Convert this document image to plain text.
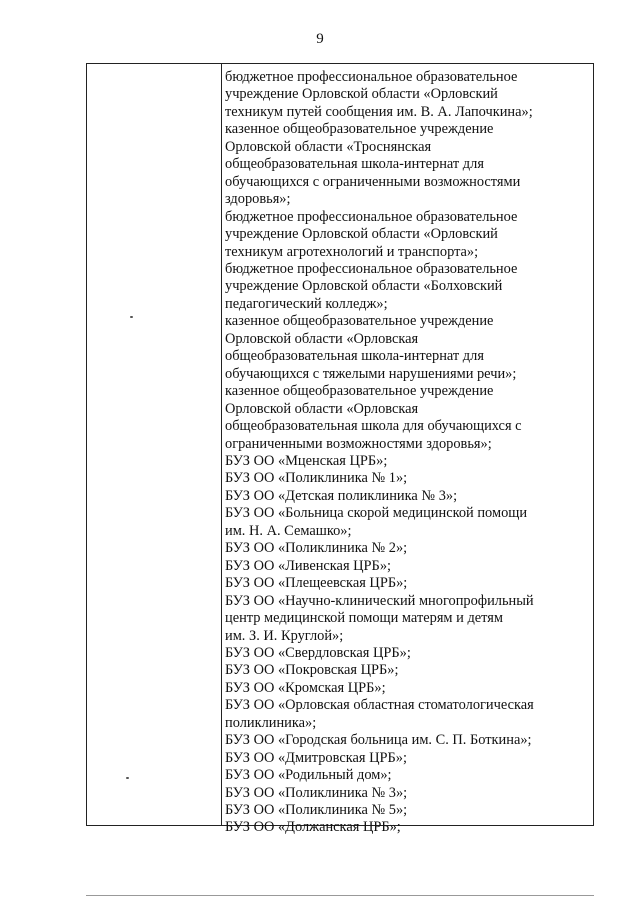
9

бюджетное профессиональное образовательное
учреждение Орловской области «Орловский
техникум путей сообщения им. В. А. Лапочкина»;

казенное общеобразовательное учреждение
Орловской области «Троснянская
общеобразовательная школа-интернат для
обучающихся с ограниченными возможностями
здоровья»;

бюджетное профессиональное образовательное
учреждение Орловской области «Орловский
техникум агротехнологий и транспорта»;

бюджетное профессиональное образовательное
учреждение Орловской области «Болховский
педагогический колледж»;

казенное общеобразовательное учреждение
Орловской области «Орловская
общеобразовательная школа-интернат для
обучающихся с тяжелыми нарушениями речи»;

казенное общеобразовательное учреждение
Орловской области «Орловская
общеобразовательная школа для обучающихся с
ограниченными возможностями здоровья»;

БУЗ ОО «Мценская ЦРБ»;

БУЗ ОО «Поликлиника № 1»;

БУЗ ОО «Детская поликлиника № 3»;

БУЗ ОО «Больница скорой медицинской помощи
им. Н. А. Семашко»;

БУЗ ОО «Поликлиника № 2»;

БУЗ ОО «Ливенская ЦРБ»;

БУЗ ОО «Плещеевская ЦРБ»;

БУЗ ОО «Научно-клинический многопрофильный
центр медицинской помощи матерям и детям
им. З. И. Круглой»;

БУЗ ОО «Свердловская ЦРБ»;

БУЗ ОО «Покровская ЦРБ»;

БУЗ ОО «Кромская ЦРБ»;

БУЗ ОО «Орловская областная стоматологическая
поликлиника»;

БУЗ ОО «Городская больница им. С. П. Боткина»;

БУЗ ОО «Дмитровская ЦРБ»;

БУЗ ОО «Родильный дом»;

БУЗ ОО «Поликлиника № 3»;

БУЗ ОО «Поликлиника № 5»;

БУЗ ОО «Должанская ЦРБ»;
